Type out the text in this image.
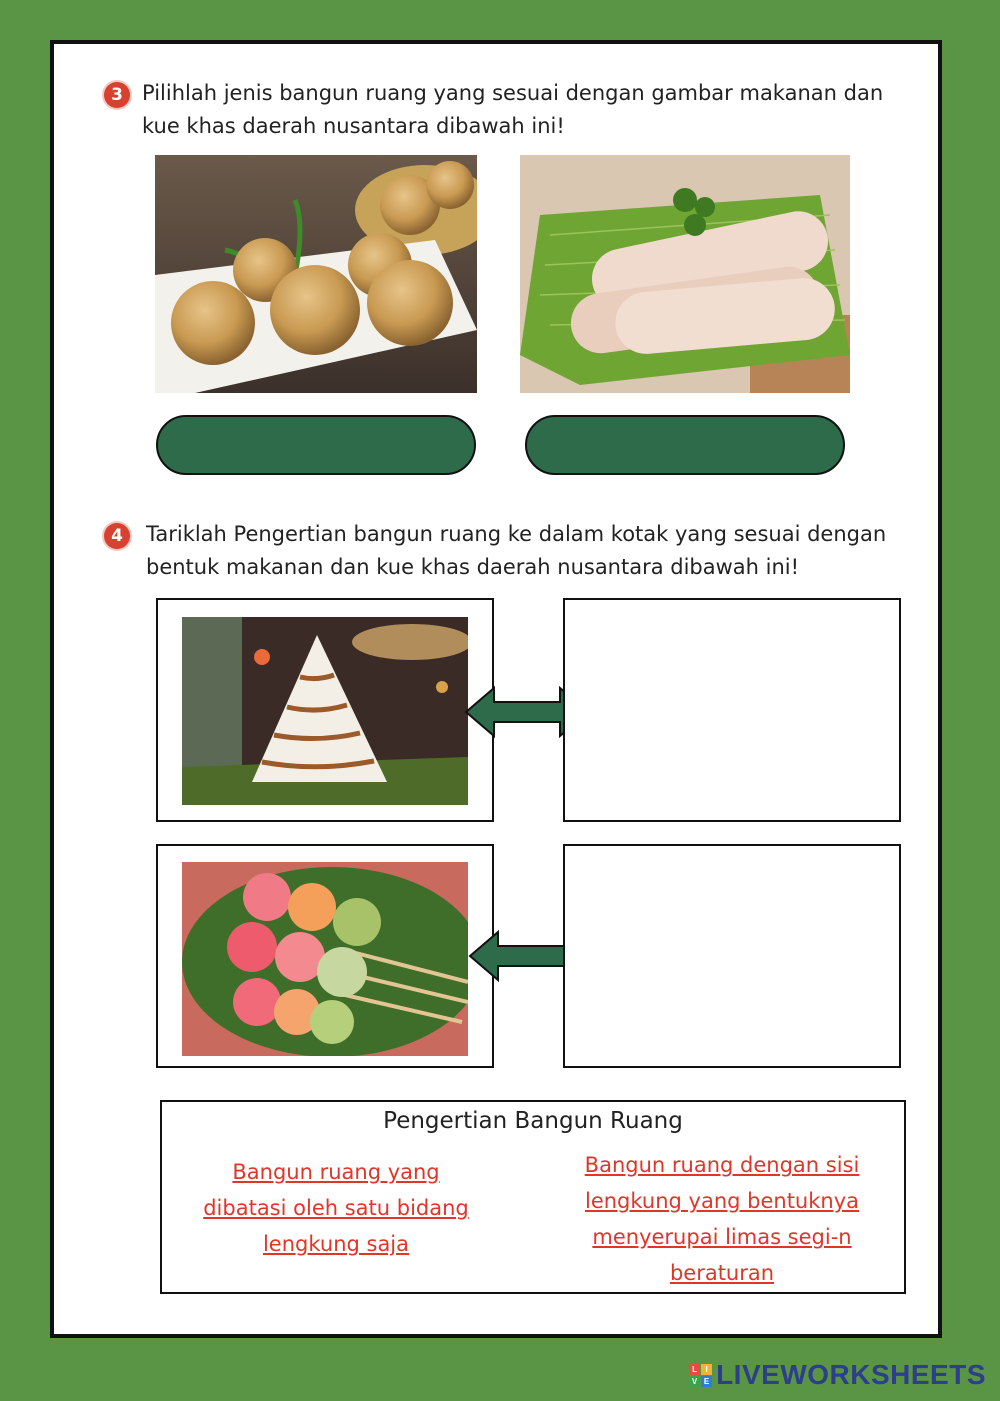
3 Pilihlah jenis bangun ruang yang sesuai dengan gambar makanan dan
kue khas daerah nusantara dibawah ini!
4	Tariklah Pengertian bangun ruang ke dalam kotak yang sesuai dengan
bentuk makanan dan kue khas daerah nusantara dibawah ini!
Pengertian Bangun Ruang
Bangun ruang yang
dibatasi oleh satu bidang
lengkung saja
Bangun ruang dengan sisi
lengkung yang bentuknya
menyerupai limas segi-n
beraturan
L	I
V E LIVEWORKSHEETS
